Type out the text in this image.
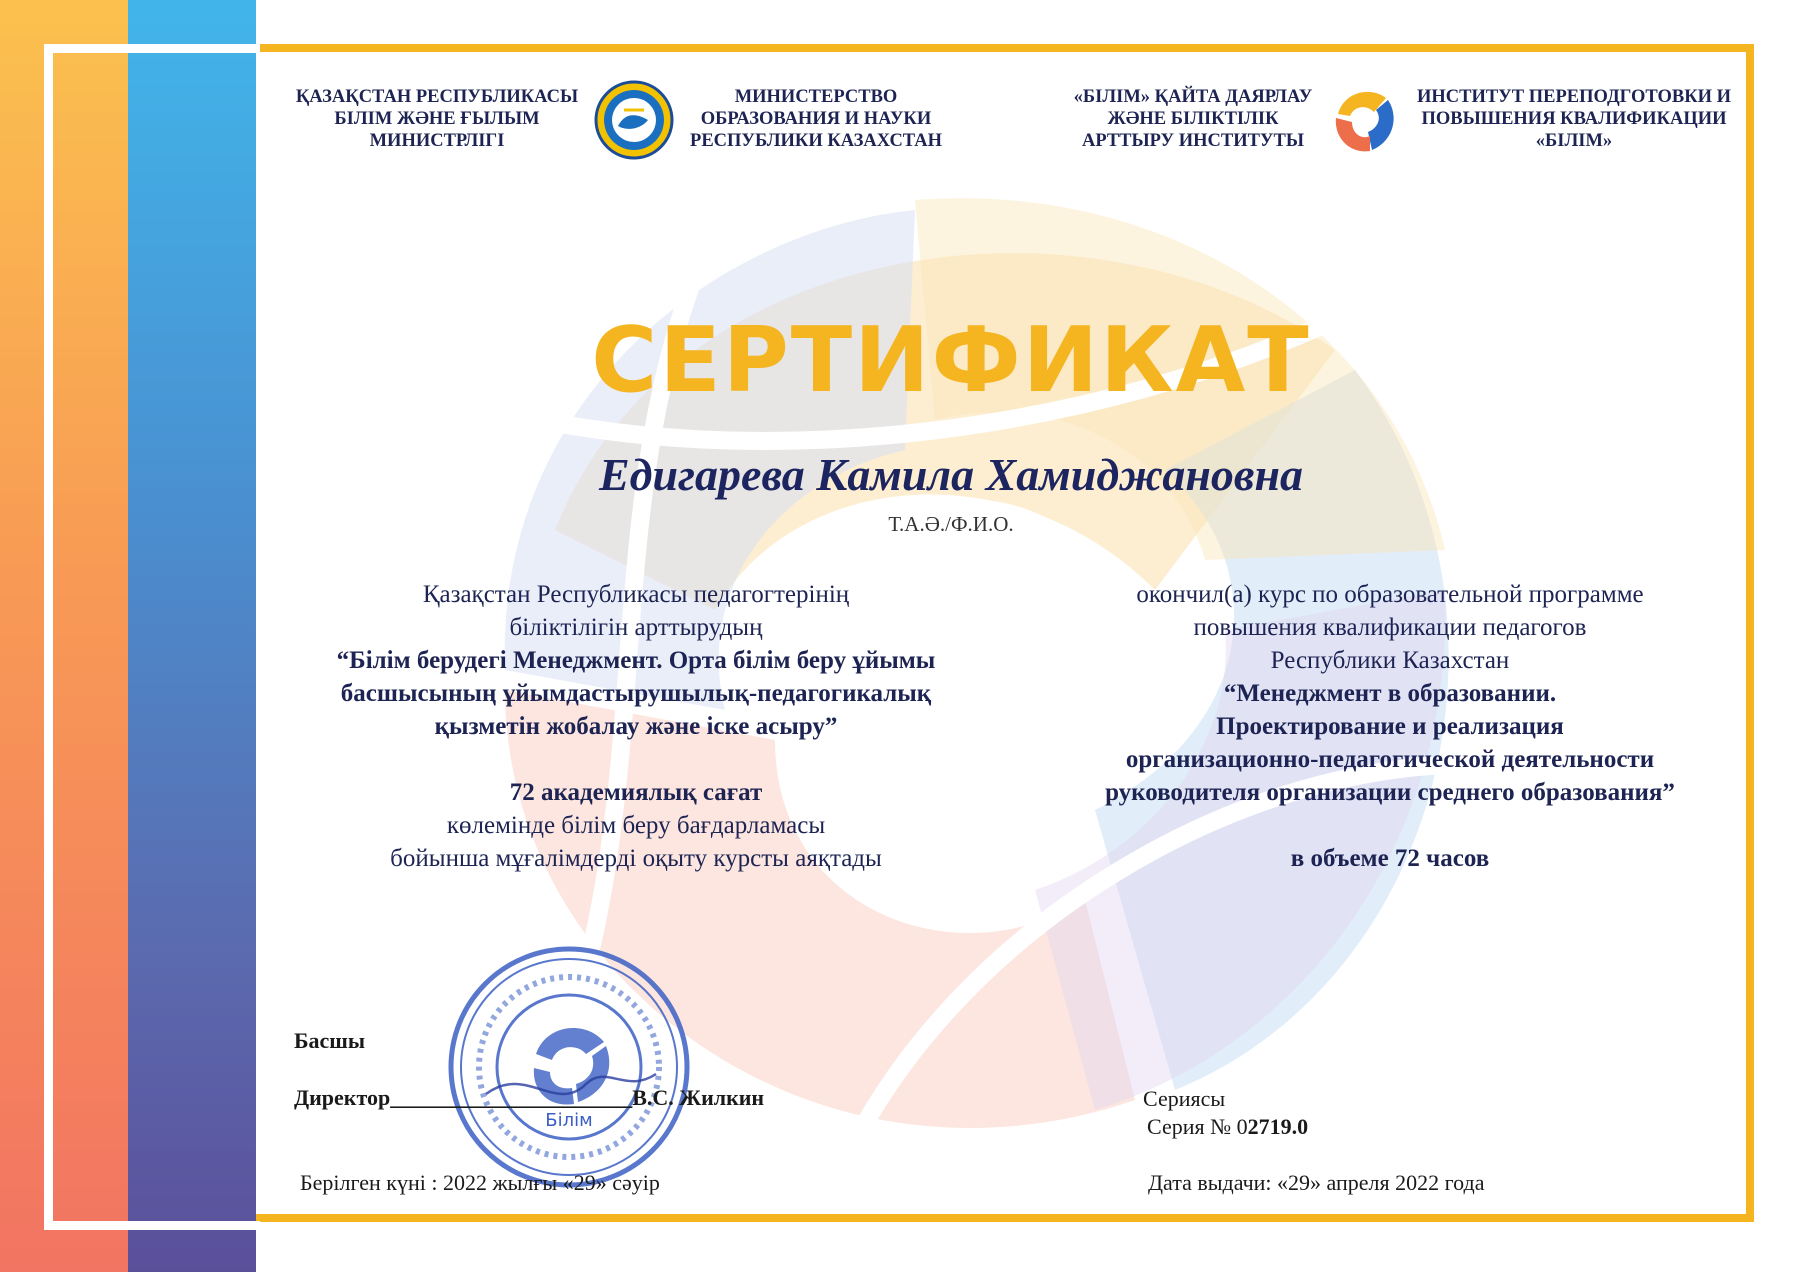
ҚАЗАҚСТАН РЕСПУБЛИКАСЫ
БІЛІМ ЖӘНЕ ҒЫЛЫМ
МИНИСТРЛІГІ
МИНИСТЕРСТВО
ОБРАЗОВАНИЯ И НАУКИ
РЕСПУБЛИКИ КАЗАХСТАН
«БІЛІМ» ҚАЙТА ДАЯРЛАУ
ЖӘНЕ БІЛІКТІЛІК
АРТТЫРУ ИНСТИТУТЫ
ИНСТИТУТ ПЕРЕПОДГОТОВКИ И
ПОВЫШЕНИЯ КВАЛИФИКАЦИИ
«БІЛІМ»
СЕРТИФИКАТ
Едигарева Камила Хамиджановна
Т.А.Ә./Ф.И.О.
Қазақстан Республикасы педагогтерінің
біліктілігін арттырудың
“Білім берудегі Менеджмент. Орта білім беру ұйымы
басшысының ұйымдастырушылық-педагогикалық
қызметін жобалау және іске асыру”
72 академиялық сағат
көлемінде білім беру бағдарламасы
бойынша мұғалімдерді оқыту курсты аяқтады
окончил(а) курс по образовательной программе
повышения квалификации педагогов
Республики Казахстан
“Менеджмент в образовании.
Проектирование и реализация
организационно-педагогической деятельности
руководителя организации среднего образования”
в объеме 72 часов
Білім
Басшы
Директор______________________В.С. Жилкин	Сериясы
Серия № 02719.0
Берілген күні : 2022 жылғы «29» сәуір	Дата выдачи: «29» апреля 2022 года
